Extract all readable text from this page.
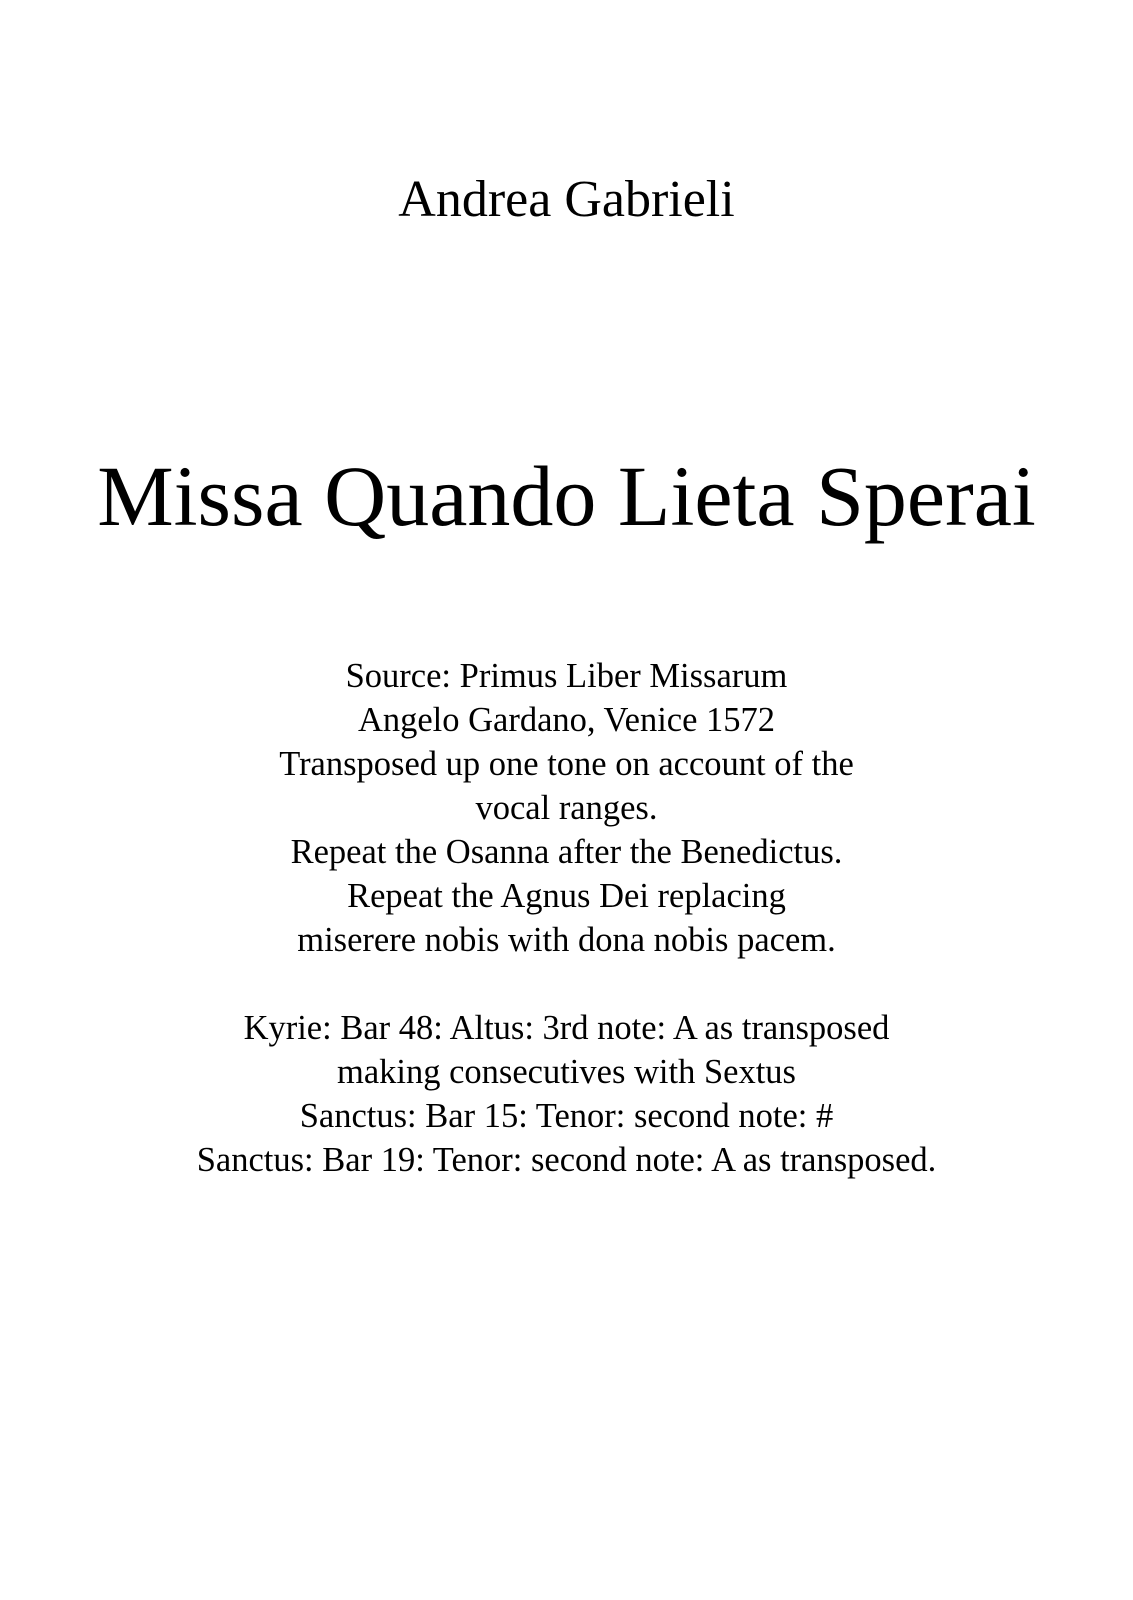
Andrea Gabrieli
Missa Quando Lieta Sperai
Source: Primus Liber Missarum
Angelo Gardano, Venice 1572
Transposed up one tone on account of the
vocal ranges.
Repeat the Osanna after the Benedictus.
Repeat the Agnus Dei replacing
miserere nobis with dona nobis pacem.
Kyrie: Bar 48: Altus: 3rd note: A as transposed
making consecutives with Sextus
Sanctus: Bar 15: Tenor: second note: #
Sanctus: Bar 19: Tenor: second note: A as transposed.
